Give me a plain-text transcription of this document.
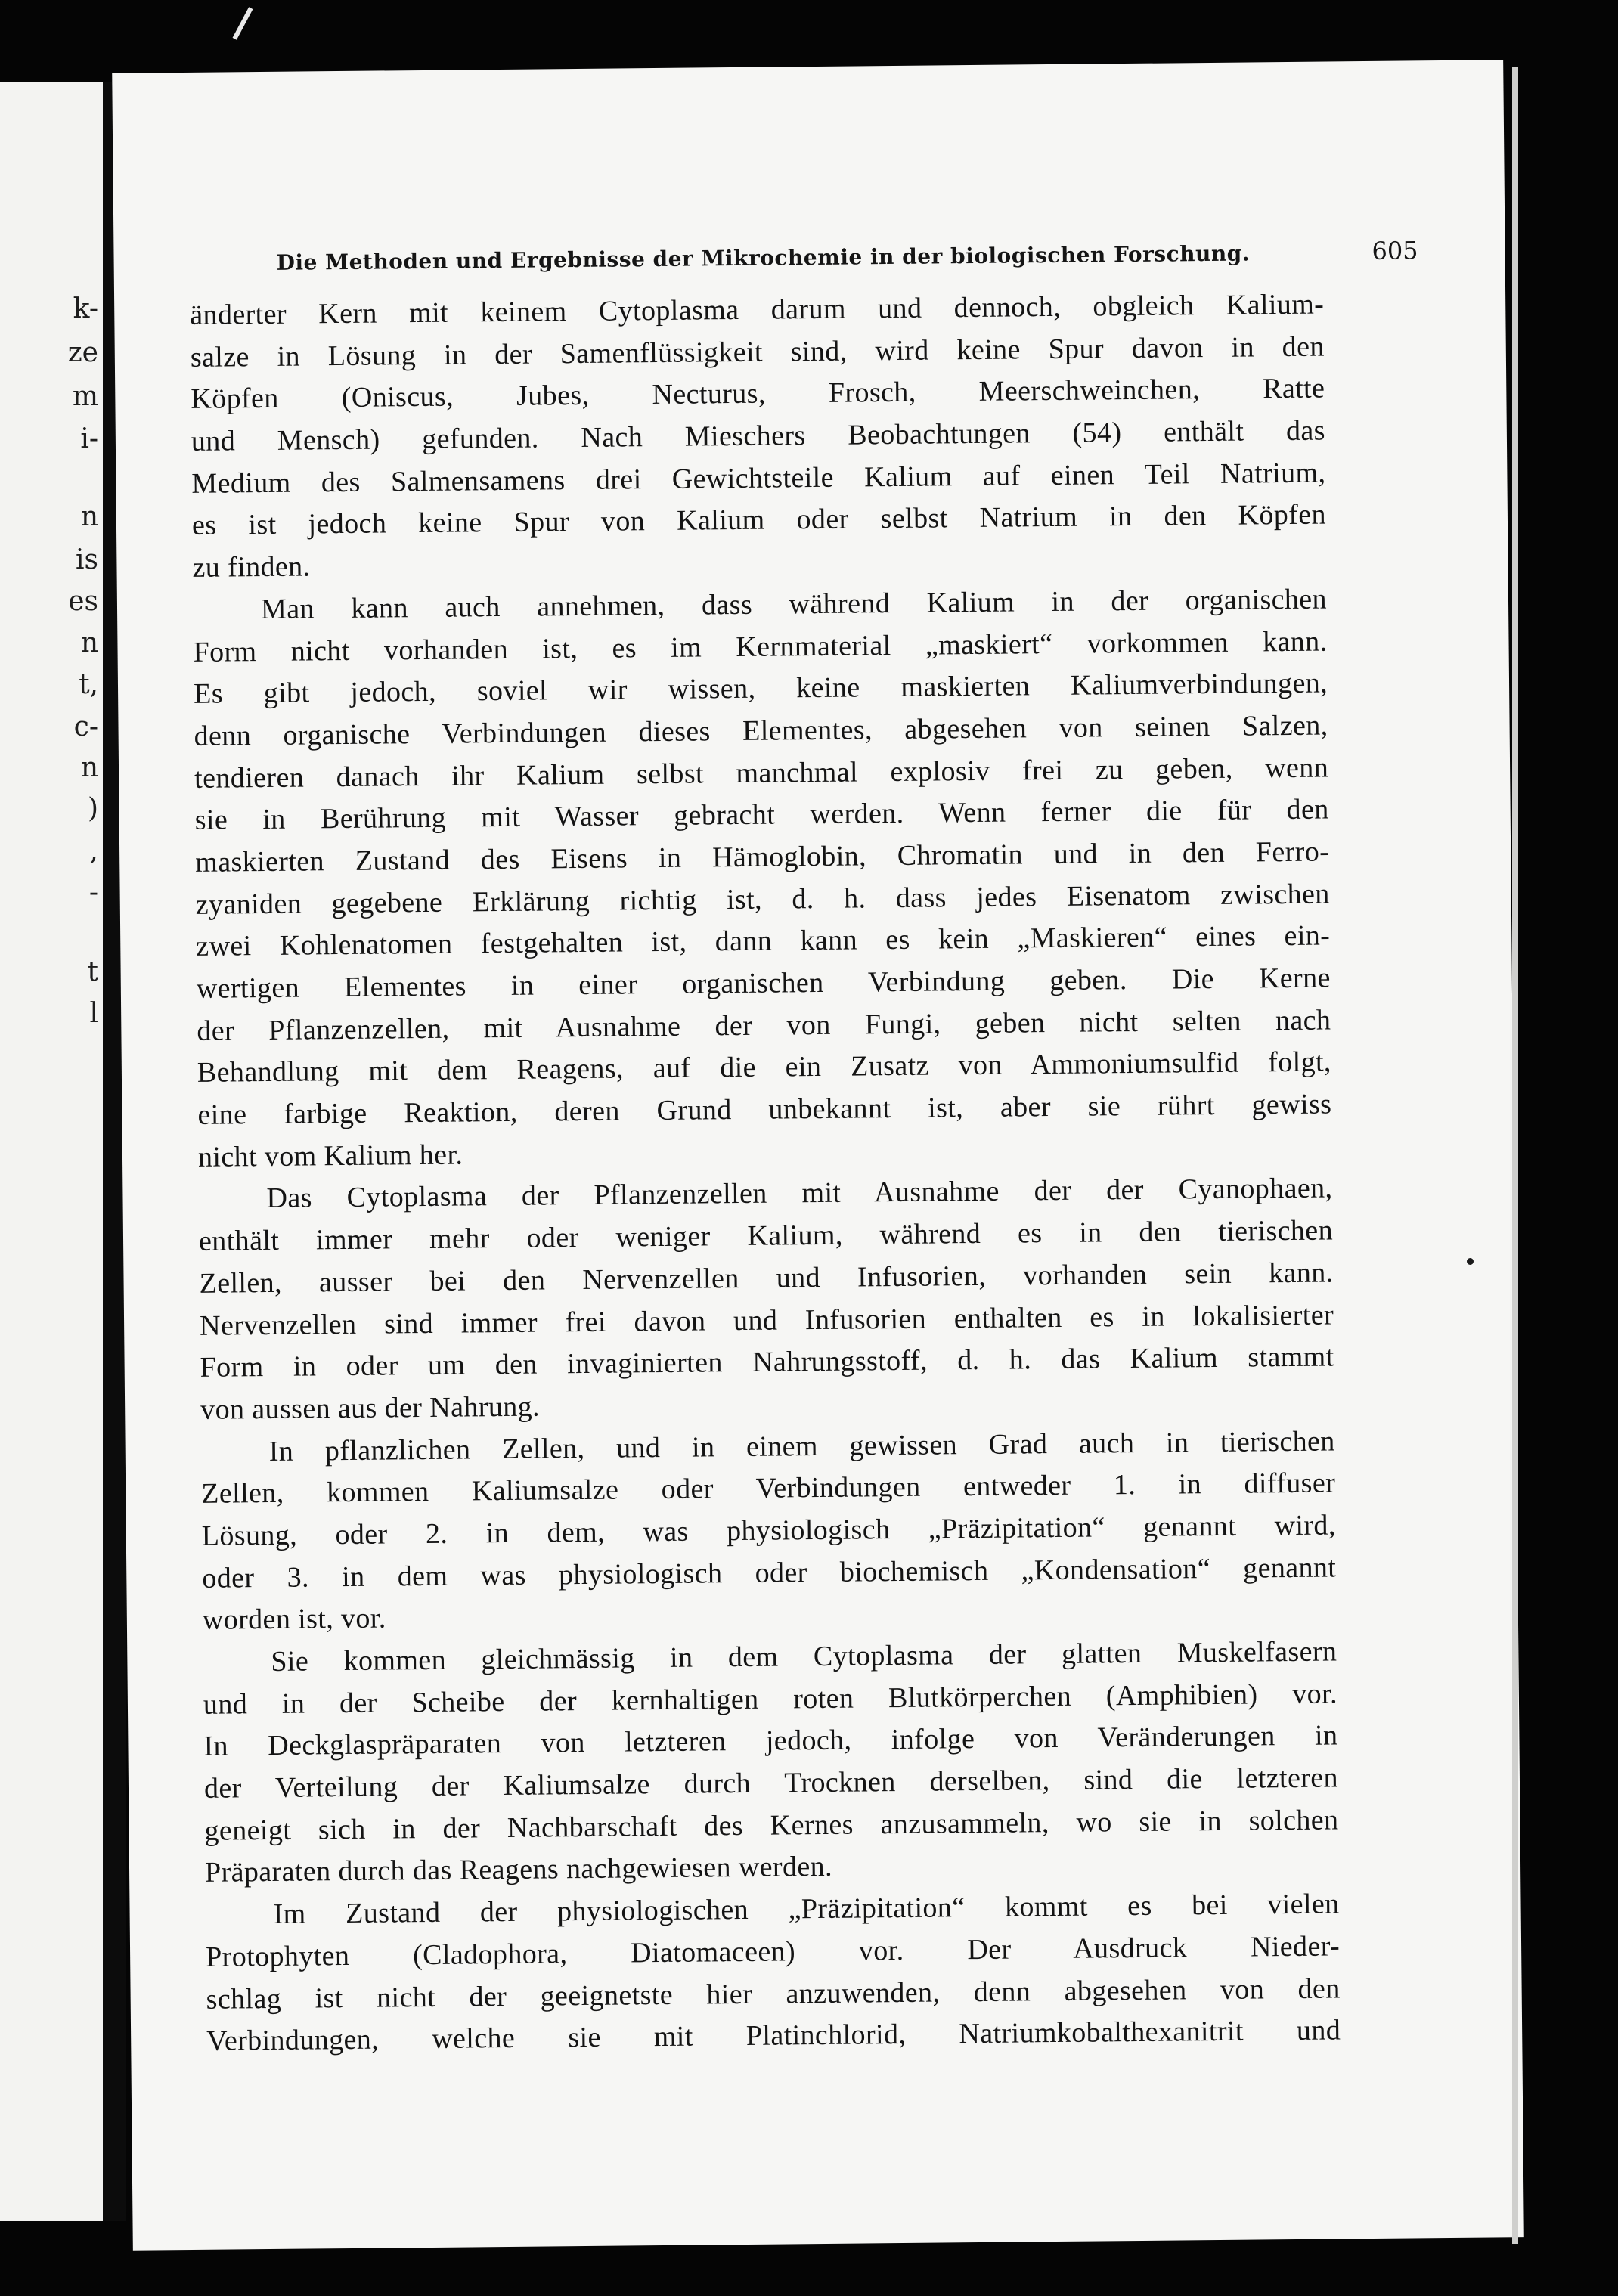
k-

ze

m

i-

n

is

es

n

t,

c-

n

)

,

-

t

l

Die Methoden und Ergebnisse der Mikrochemie in der biologischen Forschung.	605
änderter Kern mit keinem Cytoplasma darum und dennoch, obgleich Kalium-
salze in Lösung in der Samenflüssigkeit sind, wird keine Spur davon in den
Köpfen (Oniscus, Jubes, Necturus, Frosch, Meerschweinchen, Ratte
und Mensch) gefunden. Nach Mieschers Beobachtungen (54) enthält das
Medium des Salmensamens drei Gewichtsteile Kalium auf einen Teil Natrium,
es ist jedoch keine Spur von Kalium oder selbst Natrium in den Köpfen
zu finden.
Man kann auch annehmen, dass während Kalium in der organischen
Form nicht vorhanden ist, es im Kernmaterial „maskiert“ vorkommen kann.
Es gibt jedoch, soviel wir wissen, keine maskierten Kaliumverbindungen,
denn organische Verbindungen dieses Elementes, abgesehen von seinen Salzen,
tendieren danach ihr Kalium selbst manchmal explosiv frei zu geben, wenn
sie in Berührung mit Wasser gebracht werden. Wenn ferner die für den
maskierten Zustand des Eisens in Hämoglobin, Chromatin und in den Ferro-
zyaniden gegebene Erklärung richtig ist, d. h. dass jedes Eisenatom zwischen
zwei Kohlenatomen festgehalten ist, dann kann es kein „Maskieren“ eines ein-
wertigen Elementes in einer organischen Verbindung geben. Die Kerne
der Pflanzenzellen, mit Ausnahme der von Fungi, geben nicht selten nach
Behandlung mit dem Reagens, auf die ein Zusatz von Ammoniumsulfid folgt,
eine farbige Reaktion, deren Grund unbekannt ist, aber sie rührt gewiss
nicht vom Kalium her.
Das Cytoplasma der Pflanzenzellen mit Ausnahme der der Cyanophaen,
enthält immer mehr oder weniger Kalium, während es in den tierischen
Zellen, ausser bei den Nervenzellen und Infusorien, vorhanden sein kann.
Nervenzellen sind immer frei davon und Infusorien enthalten es in lokalisierter
Form in oder um den invaginierten Nahrungsstoff, d. h. das Kalium stammt
von aussen aus der Nahrung.
In pflanzlichen Zellen, und in einem gewissen Grad auch in tierischen
Zellen, kommen Kaliumsalze oder Verbindungen entweder 1. in diffuser
Lösung, oder 2. in dem, was physiologisch „Präzipitation“ genannt wird,
oder 3. in dem was physiologisch oder biochemisch „Kondensation“ genannt
worden ist, vor.
Sie kommen gleichmässig in dem Cytoplasma der glatten Muskelfasern
und in der Scheibe der kernhaltigen roten Blutkörperchen (Amphibien) vor.
In Deckglaspräparaten von letzteren jedoch, infolge von Veränderungen in
der Verteilung der Kaliumsalze durch Trocknen derselben, sind die letzteren
geneigt sich in der Nachbarschaft des Kernes anzusammeln, wo sie in solchen
Präparaten durch das Reagens nachgewiesen werden.
Im Zustand der physiologischen „Präzipitation“ kommt es bei vielen
Protophyten (Cladophora, Diatomaceen) vor. Der Ausdruck Nieder-
schlag ist nicht der geeignetste hier anzuwenden, denn abgesehen von den
Verbindungen, welche sie mit Platinchlorid, Natriumkobalthexanitrit und
